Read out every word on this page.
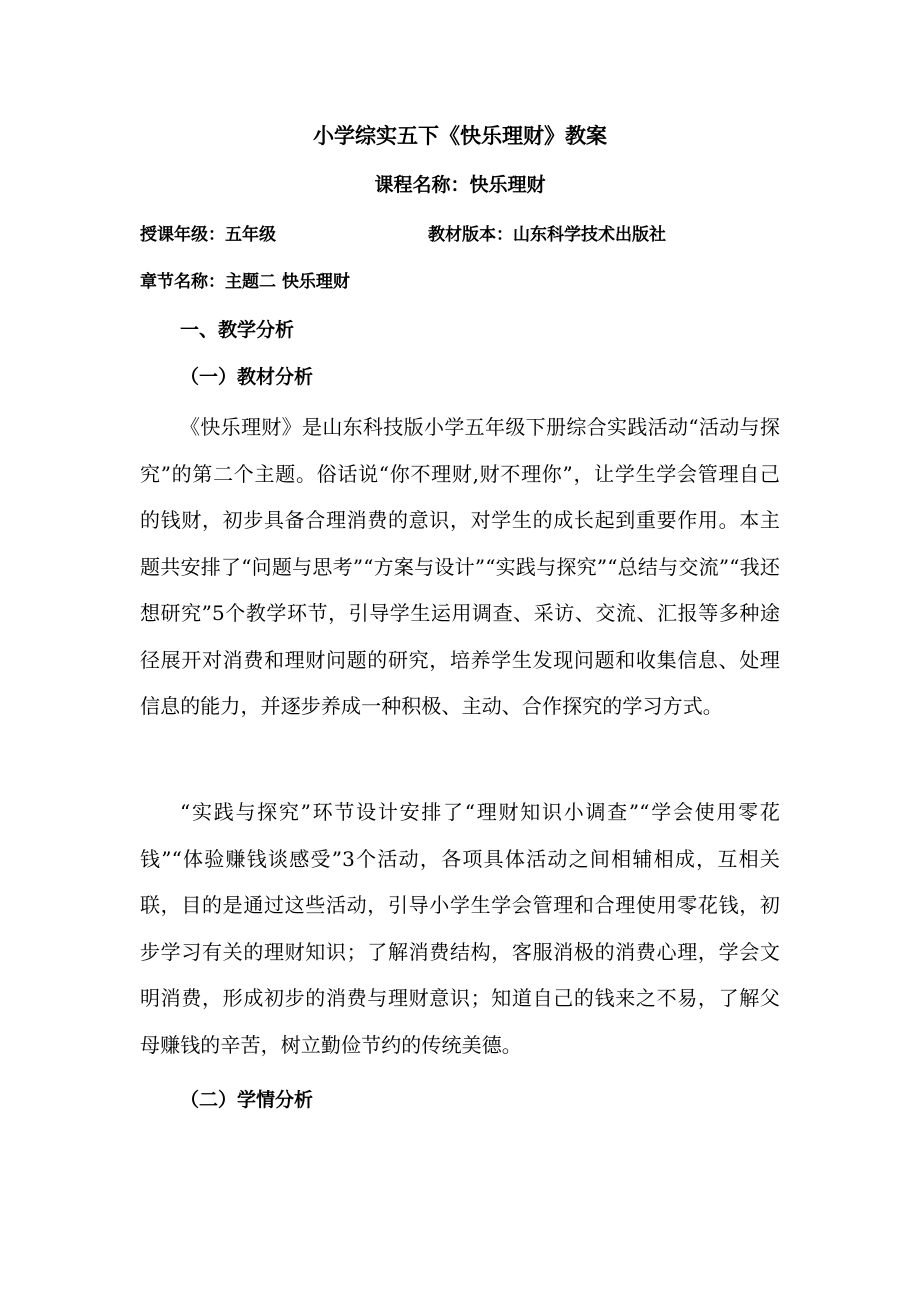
小学综实五下《快乐理财》教案
课程名称：快乐理财
授课年级：五年级	教材版本：山东科学技术出版社
章节名称：主题二 快乐理财
一、教学分析
（一）教材分析

《快乐理财》是山东科技版小学五年级下册综合实践活动“活动与探究”的第二个主题。俗话说“你不理财,财不理你”，让学生学会管理自己的钱财，初步具备合理消费的意识，对学生的成长起到重要作用。本主题共安排了“问题与思考”“方案与设计”“实践与探究”“总结与交流”“我还想研究”5个教学环节，引导学生运用调查、采访、交流、汇报等多种途径展开对消费和理财问题的研究，培养学生发现问题和收集信息、处理信息的能力，并逐步养成一种积极、主动、合作探究的学习方式。

“实践与探究”环节设计安排了“理财知识小调查”“学会使用零花钱”“体验赚钱谈感受”3个活动，各项具体活动之间相辅相成，互相关联，目的是通过这些活动，引导小学生学会管理和合理使用零花钱，初步学习有关的理财知识；了解消费结构，客服消极的消费心理，学会文明消费，形成初步的消费与理财意识；知道自己的钱来之不易，了解父母赚钱的辛苦，树立勤俭节约的传统美德。

（二）学情分析
